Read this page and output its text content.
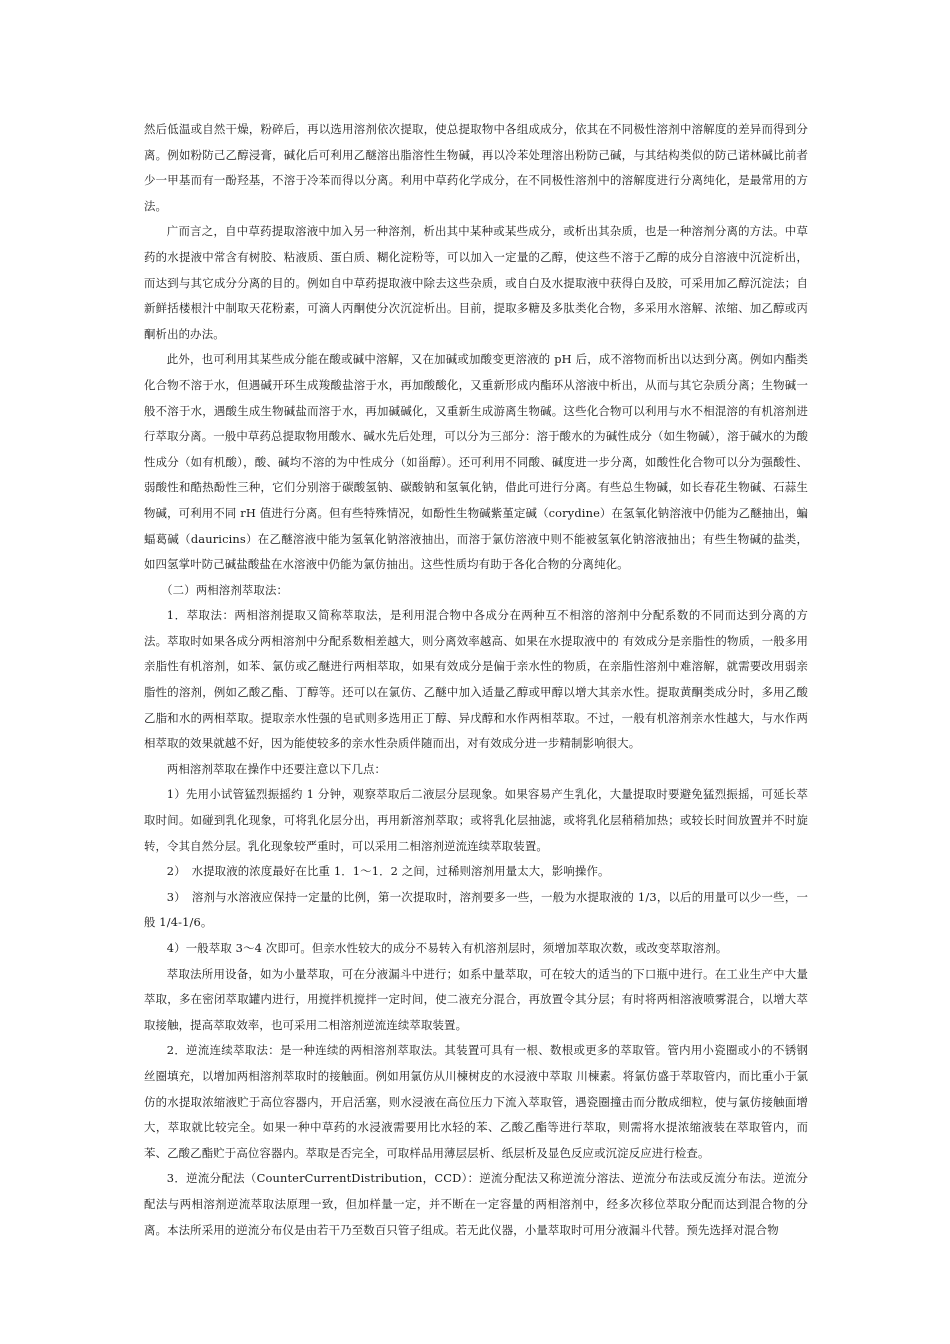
然后低温或自然干燥，粉碎后，再以选用溶剂依次提取，使总提取物中各组成成分，依其在不同极性溶剂中溶解度的差异而得到分离。例如粉防己乙醇浸膏，碱化后可利用乙醚溶出脂溶性生物碱，再以冷苯处理溶出粉防己碱，与其结构类似的防己诺林碱比前者少一甲基而有一酚羟基，不溶于冷苯而得以分离。利用中草药化学成分，在不同极性溶剂中的溶解度进行分离纯化，是最常用的方法。

广而言之，自中草药提取溶液中加入另一种溶剂，析出其中某种或某些成分，或析出其杂质，也是一种溶剂分离的方法。中草药的水提液中常含有树胶、粘液质、蛋白质、糊化淀粉等，可以加入一定量的乙醇，使这些不溶于乙醇的成分自溶液中沉淀析出，而达到与其它成分分离的目的。例如自中草药提取液中除去这些杂质，或自白及水提取液中获得白及胶，可采用加乙醇沉淀法；自新鲜括楼根汁中制取天花粉素，可滴人丙酮使分次沉淀析出。目前，提取多糖及多肽类化合物，多采用水溶解、浓缩、加乙醇或丙酮析出的办法。

此外，也可利用其某些成分能在酸或碱中溶解，又在加碱或加酸变更溶液的 pH 后，成不溶物而析出以达到分离。例如内酯类化合物不溶于水，但遇碱开环生成羧酸盐溶于水，再加酸酸化，又重新形成内酯环从溶液中析出，从而与其它杂质分离；生物碱一般不溶于水，遇酸生成生物碱盐而溶于水，再加碱碱化，又重新生成游离生物碱。这些化合物可以利用与水不相混溶的有机溶剂进行萃取分离。一般中草药总提取物用酸水、碱水先后处理，可以分为三部分：溶于酸水的为碱性成分（如生物碱），溶于碱水的为酸性成分（如有机酸），酸、碱均不溶的为中性成分（如甾醇）。还可利用不同酸、碱度进一步分离，如酸性化合物可以分为强酸性、弱酸性和酷热酚性三种，它们分别溶于碳酸氢钠、碳酸钠和氢氧化钠，借此可进行分离。有些总生物碱，如长春花生物碱、石蒜生物碱，可利用不同 rH 值进行分离。但有些特殊情况，如酚性生物碱紫堇定碱（corydine）在氢氧化钠溶液中仍能为乙醚抽出，蝙蝠葛碱（dauricins）在乙醚溶液中能为氢氧化钠溶液抽出，而溶于氯仿溶液中则不能被氢氧化钠溶液抽出；有些生物碱的盐类，如四氢掌叶防己碱盐酸盐在水溶液中仍能为氯仿抽出。这些性质均有助于各化合物的分离纯化。

（二）两相溶剂萃取法：

1．萃取法：两相溶剂提取又简称萃取法，是利用混合物中各成分在两种互不相溶的溶剂中分配系数的不同而达到分离的方法。萃取时如果各成分两相溶剂中分配系数相差越大，则分离效率越高、如果在水提取液中的 有效成分是亲脂性的物质，一般多用亲脂性有机溶剂，如苯、氯仿或乙醚进行两相萃取，如果有效成分是偏于亲水性的物质，在亲脂性溶剂中难溶解，就需要改用弱亲脂性的溶剂，例如乙酸乙酯、丁醇等。还可以在氯仿、乙醚中加入适量乙醇或甲醇以增大其亲水性。提取黄酮类成分时，多用乙酸乙脂和水的两相萃取。提取亲水性强的皂甙则多选用正丁醇、异戊醇和水作两相萃取。不过，一般有机溶剂亲水性越大，与水作两相萃取的效果就越不好，因为能使较多的亲水性杂质伴随而出，对有效成分进一步精制影响很大。

两相溶剂萃取在操作中还要注意以下几点：

1）先用小试管猛烈振摇约 1 分钟，观察萃取后二液层分层现象。如果容易产生乳化，大量提取时要避免猛烈振摇，可延长萃取时间。如碰到乳化现象，可将乳化层分出，再用新溶剂萃取；或将乳化层抽滤，或将乳化层稍稍加热；或较长时间放置并不时旋转，令其自然分层。乳化现象较严重时，可以采用二相溶剂逆流连续萃取装置。

2）　水提取液的浓度最好在比重 1．1～1．2 之间，过稀则溶剂用量太大，影响操作。

3）　溶剂与水溶液应保持一定量的比例，第一次提取时，溶剂要多一些，一般为水提取液的 1/3，以后的用量可以少一些，一般 1/4-1/6。

4）一般萃取 3～4 次即可。但亲水性较大的成分不易转入有机溶剂层时，须增加萃取次数，或改变萃取溶剂。

萃取法所用设备，如为小量萃取，可在分液漏斗中进行；如系中量萃取，可在较大的适当的下口瓶中进行。在工业生产中大量萃取，多在密闭萃取罐内进行，用搅拌机搅拌一定时间，使二液充分混合，再放置令其分层；有时将两相溶液喷雾混合，以增大萃取接触，提高萃取效率，也可采用二相溶剂逆流连续萃取装置。

2．逆流连续萃取法：是一种连续的两相溶剂萃取法。其装置可具有一根、数根或更多的萃取管。管内用小瓷圈或小的不锈钢丝圈填充，以增加两相溶剂萃取时的接触面。例如用氯仿从川楝树皮的水浸液中萃取 川楝素。将氯仿盛于萃取管内，而比重小于氯仿的水提取浓缩液贮于高位容器内，开启活塞，则水浸液在高位压力下流入萃取管，遇瓷圈撞击而分散成细粒，使与氯仿接触面增大，萃取就比较完全。如果一种中草药的水浸液需要用比水轻的苯、乙酸乙酯等进行萃取，则需将水提浓缩液装在萃取管内，而苯、乙酸乙酯贮于高位容器内。萃取是否完全，可取样品用薄层层析、纸层析及显色反应或沉淀反应进行检查。

3．逆流分配法（CounterCurrentDistribution，CCD）：逆流分配法又称逆流分溶法、逆流分布法或反流分布法。逆流分配法与两相溶剂逆流萃取法原理一致，但加样量一定，并不断在一定容量的两相溶剂中，经多次移位萃取分配而达到混合物的分离。本法所采用的逆流分布仪是由若干乃至数百只管子组成。若无此仪器，小量萃取时可用分液漏斗代替。预先选择对混合物
